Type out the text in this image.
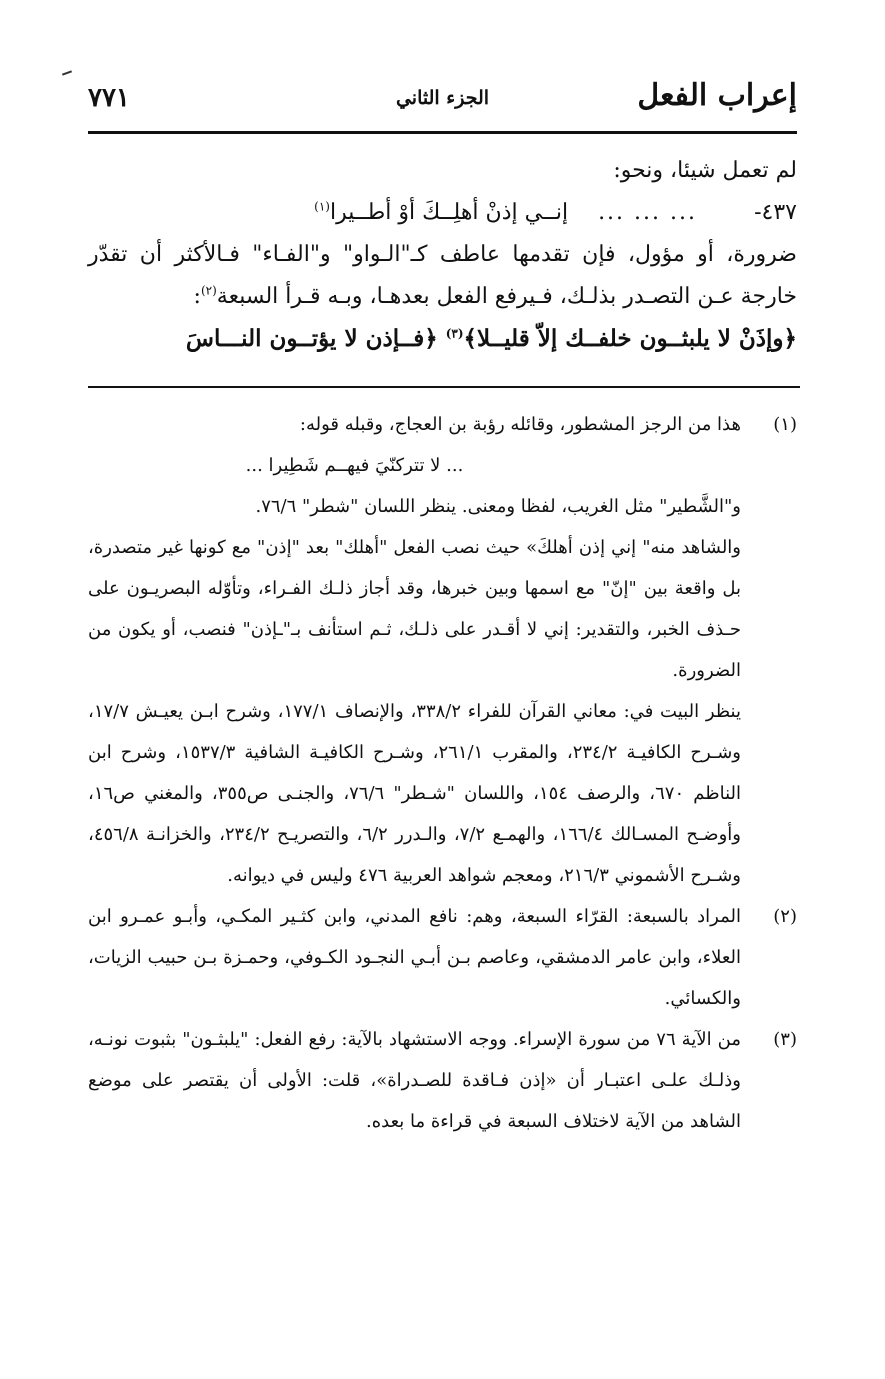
إعراب الفعل
الجزء الثاني
٧٧١

لم تعمل شيئا، ونحو:

٤٣٧-
... ... ...
إنــي إذنْ أهلِــكَ أوْ أطــيرا$^{(١)}$

ضرورة، أو مؤول، فإن تقدمها عاطف كـ"الـواو" و"الفـاء" فـالأكثر أن تقدّر خارجة عـن التصـدر بذلـك، فـيرفع الفعل بعدهـا، وبـه قـرأ السبعة$^{(٢)}$:

﴿وإذَنْ لا يلبثــون خلفــك إلاّ قليــلا﴾$^{(٣)}$ ﴿فــإذن لا يؤتــون النـــاسَ

(١)

هذا من الرجز المشطور، وقائله رؤبة بن العجاج، وقبله قوله:

... لا تتركنّيَ فيهــم شَطِيرا ...

و"الشَّطير" مثل الغريب، لفظا ومعنى. ينظر اللسان "شطر" ٧٦/٦.

والشاهد منه" إني إذن أهلكَ» حيث نصب الفعل "أهلك" بعد "إذن" مع كونها غير متصدرة، بل واقعة بين "إنّ" مع اسمها وبين خبرها، وقد أجاز ذلـك الفـراء، وتأوّله البصريـون على حـذف الخبر، والتقدير: إني لا أقـدر على ذلـك، ثـم استأنف بـ"ـإذن" فنصب، أو يكون من الضرورة.

ينظر البيت في: معاني القرآن للفراء ٣٣٨/٢، والإنصاف ١٧٧/١، وشرح ابـن يعيـش ١٧/٧، وشـرح الكافيـة ٢٣٤/٢، والمقرب ٢٦١/١، وشـرح الكافيـة الشافية ١٥٣٧/٣، وشرح ابن الناظم ٦٧٠، والرصف ١٥٤، واللسان "شـطر" ٧٦/٦، والجنـى ص٣٥٥، والمغني ص١٦، وأوضـح المسـالك ١٦٦/٤، والهمـع ٧/٢، والـدرر ٦/٢، والتصريـح ٢٣٤/٢، والخزانـة ٤٥٦/٨، وشـرح الأشموني ٢١٦/٣، ومعجم شواهد العربية ٤٧٦ وليس في ديوانه.

(٢)

المراد بالسبعة: القرّاء السبعة، وهم: نافع المدني، وابن كثـير المكـي، وأبـو عمـرو ابن العلاء، وابن عامر الدمشقي، وعاصم بـن أبـي النجـود الكـوفي، وحمـزة بـن حبيب الزيات، والكسائي.

(٣)

من الآية ٧٦ من سورة الإسراء. ووجه الاستشهاد بالآية: رفع الفعل: "يلبثـون" بثبوت نونـه، وذلـك علـى اعتبـار أن «إذن فـاقدة للصـدراة»، قلت: الأولى أن يقتصر على موضع الشاهد من الآية لاختلاف السبعة في قراءة ما بعده.
